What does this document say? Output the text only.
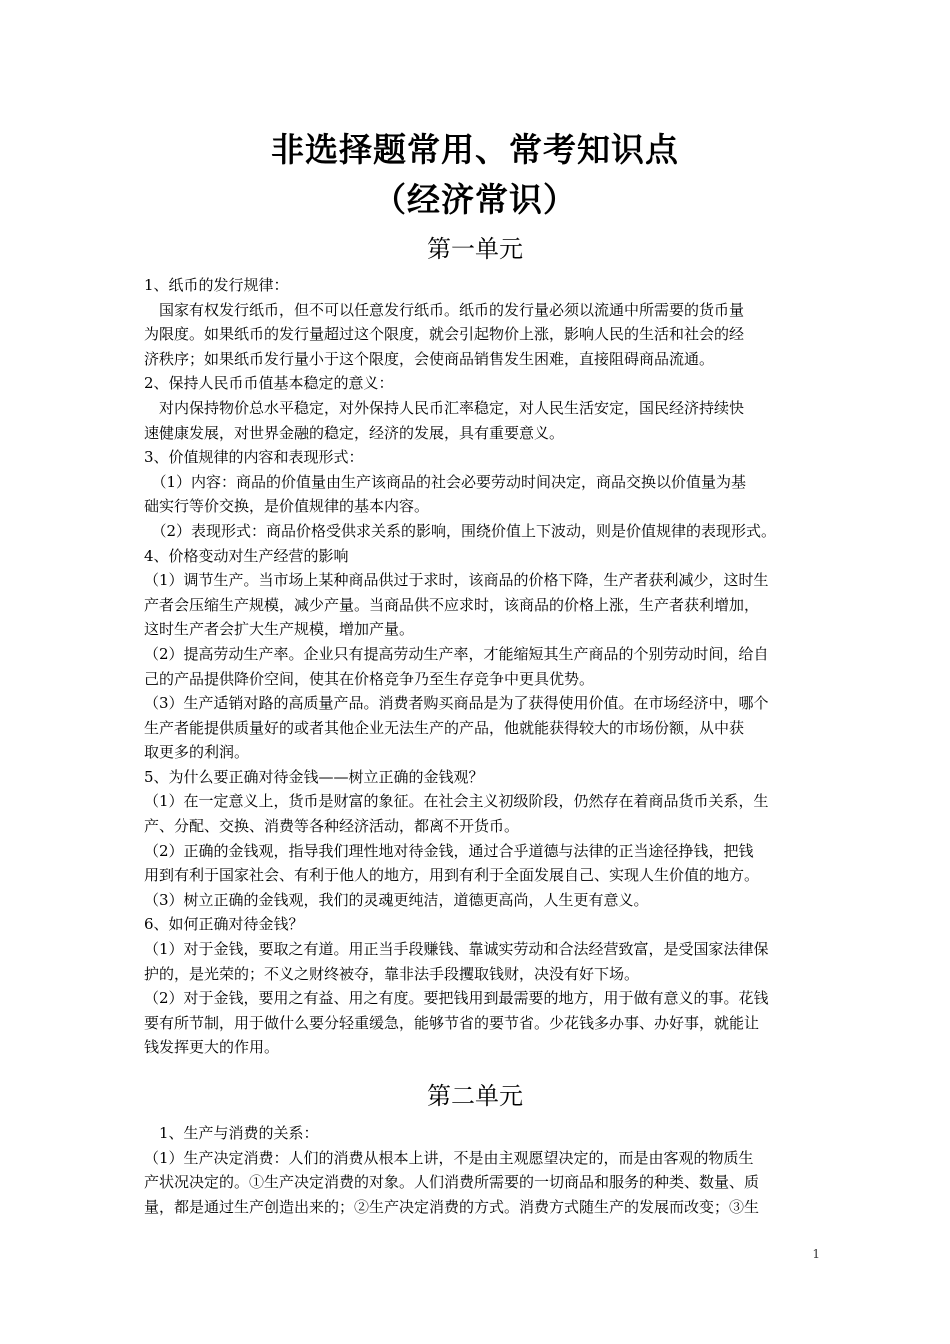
非选择题常用、常考知识点
（经济常识）
第一单元

1、纸币的发行规律：

　国家有权发行纸币，但不可以任意发行纸币。纸币的发行量必须以流通中所需要的货币量

为限度。如果纸币的发行量超过这个限度，就会引起物价上涨，影响人民的生活和社会的经

济秩序；如果纸币发行量小于这个限度，会使商品销售发生困难，直接阻碍商品流通。

2、保持人民币币值基本稳定的意义：

　对内保持物价总水平稳定，对外保持人民币汇率稳定，对人民生活安定，国民经济持续快

速健康发展，对世界金融的稳定，经济的发展，具有重要意义。

3、价值规律的内容和表现形式：

　（1）内容：商品的价值量由生产该商品的社会必要劳动时间决定，商品交换以价值量为基

础实行等价交换，是价值规律的基本内容。

　（2）表现形式：商品价格受供求关系的影响，围绕价值上下波动，则是价值规律的表现形式。

4、价格变动对生产经营的影响

（1）调节生产。当市场上某种商品供过于求时，该商品的价格下降，生产者获利减少，这时生

产者会压缩生产规模，减少产量。当商品供不应求时，该商品的价格上涨，生产者获利增加，

这时生产者会扩大生产规模，增加产量。

（2）提高劳动生产率。企业只有提高劳动生产率，才能缩短其生产商品的个别劳动时间，给自

己的产品提供降价空间，使其在价格竞争乃至生存竞争中更具优势。

（3）生产适销对路的高质量产品。消费者购买商品是为了获得使用价值。在市场经济中，哪个

生产者能提供质量好的或者其他企业无法生产的产品，他就能获得较大的市场份额，从中获

取更多的利润。

5、为什么要正确对待金钱——树立正确的金钱观？

（1）在一定意义上，货币是财富的象征。在社会主义初级阶段，仍然存在着商品货币关系，生

产、分配、交换、消费等各种经济活动，都离不开货币。

（2）正确的金钱观，指导我们理性地对待金钱，通过合乎道德与法律的正当途径挣钱，把钱

用到有利于国家社会、有利于他人的地方，用到有利于全面发展自己、实现人生价值的地方。

（3）树立正确的金钱观，我们的灵魂更纯洁，道德更高尚，人生更有意义。

6、如何正确对待金钱？

（1）对于金钱，要取之有道。用正当手段赚钱、靠诚实劳动和合法经营致富，是受国家法律保

护的，是光荣的；不义之财终被夺，靠非法手段攫取钱财，决没有好下场。

（2）对于金钱，要用之有益、用之有度。要把钱用到最需要的地方，用于做有意义的事。花钱

要有所节制，用于做什么要分轻重缓急，能够节省的要节省。少花钱多办事、办好事，就能让

钱发挥更大的作用。

第二单元

　1、生产与消费的关系：

（1）生产决定消费：人们的消费从根本上讲，不是由主观愿望决定的，而是由客观的物质生

产状况决定的。①生产决定消费的对象。人们消费所需要的一切商品和服务的种类、数量、质

量，都是通过生产创造出来的；②生产决定消费的方式。消费方式随生产的发展而改变；③生

1
